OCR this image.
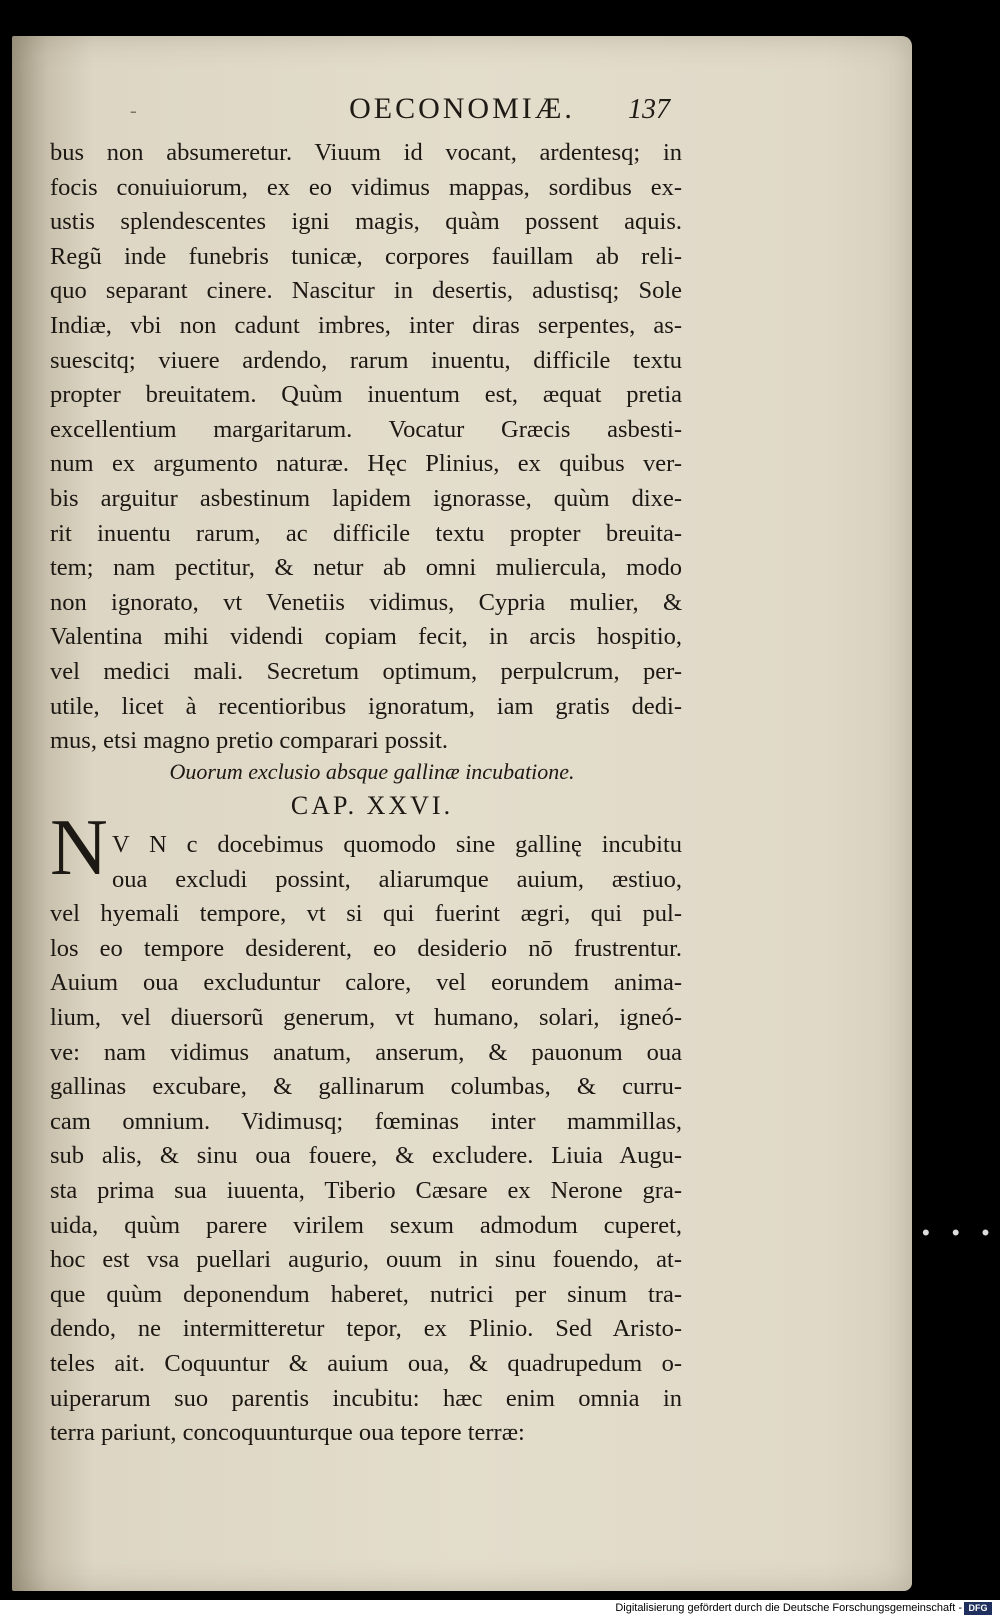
-	OECONOMIÆ.	137
bus non absumeretur. Viuum id vocant, ardentesq; in
focis conuiuiorum, ex eo vidimus mappas, sordibus ex-
ustis splendescentes igni magis, quàm possent aquis.
Regũ inde funebris tunicæ, corpores fauillam ab reli-
quo separant cinere. Nascitur in desertis, adustisq; Sole
Indiæ, vbi non cadunt imbres, inter diras serpentes, as-
suescitq; viuere ardendo, rarum inuentu, difficile textu
propter breuitatem. Quùm inuentum est, æquat pretia
excellentium margaritarum. Vocatur Græcis asbesti-
num ex argumento naturæ. Hęc Plinius, ex quibus ver-
bis arguitur asbestinum lapidem ignorasse, quùm dixe-
rit inuentu rarum, ac difficile textu propter breuita-
tem; nam pectitur, & netur ab omni muliercula, modo
non ignorato, vt Venetiis vidimus, Cypria mulier, &
Valentina mihi videndi copiam fecit, in arcis hospitio,
vel medici mali. Secretum optimum, perpulcrum, per-
utile, licet à recentioribus ignoratum, iam gratis dedi-
mus, etsi magno pretio comparari possit.
Ouorum exclusio absque gallinæ incubatione.
CAP. XXVI.
N V N c docebimus quomodo sine gallinę incubitu
oua excludi possint, aliarumque auium, æstiuo,
vel hyemali tempore, vt si qui fuerint ægri, qui pul-
los eo tempore desiderent, eo desiderio nō frustrentur.
Auium oua excluduntur calore, vel eorundem anima-
lium, vel diuersorũ generum, vt humano, solari, igneó-
ve: nam vidimus anatum, anserum, & pauonum oua
gallinas excubare, & gallinarum columbas, & curru-
cam omnium. Vidimusq; fœminas inter mammillas,
sub alis, & sinu oua fouere, & excludere. Liuia Augu-
sta prima sua iuuenta, Tiberio Cæsare ex Nerone gra-
uida, quùm parere virilem sexum admodum cuperet,
hoc est vsa puellari augurio, ouum in sinu fouendo, at-
que quùm deponendum haberet, nutrici per sinum tra-
dendo, ne intermitteretur tepor, ex Plinio. Sed Aristo-
teles ait. Coquuntur & auium oua, & quadrupedum o-
uiperarum suo parentis incubitu: hæc enim omnia in
terra pariunt, concoquunturque oua tepore terræ:
• • •
Digitalisierung gefördert durch die Deutsche Forschungsgemeinschaft - DFG
